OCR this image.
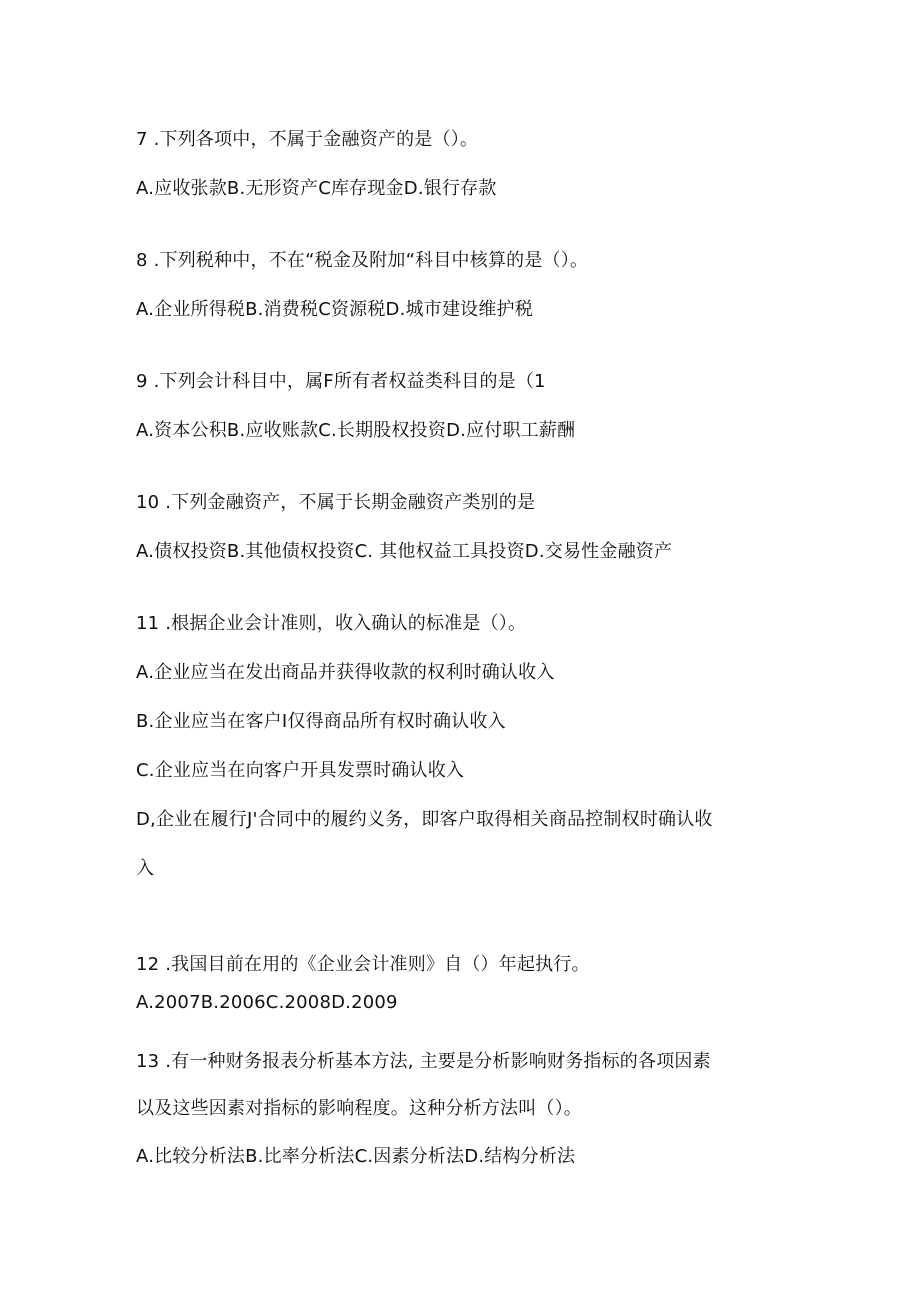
7 .下列各项中，不属于金融资产的是（）。
A.应收张款B.无形资产C库存现金D.银行存款
8 .下列税种中，不在“税金及附加“科目中核算的是（）。
A.企业所得税B.消费税C资源税D.城市建设维护税
9 .下列会计科目中，属F所有者权益类科目的是（1
A.资本公积B.应收账款C.长期股权投资D.应付职工薪酬
10 .下列金融资产，不属于长期金融资产类别的是
A.债权投资B.其他债权投资C. 其他权益工具投资D.交易性金融资产
11 .根据企业会计准则，收入确认的标准是（）。
A.企业应当在发出商品并获得收款的权利时确认收入
B.企业应当在客户I仅得商品所有权时确认收入
C.企业应当在向客户开具发票时确认收入
D,企业在履行J'合同中的履约义务，即客户取得相关商品控制权时确认收
入
12 .我国目前在用的《企业会计准则》自（）年起执行。
A.2007B.2006C.2008D.2009
13 .有一种财务报表分析基本方法, 主要是分析影响财务指标的各项因素
以及这些因素对指标的影响程度。这种分析方法叫（）。
A.比较分析法B.比率分析法C.因素分析法D.结构分析法
